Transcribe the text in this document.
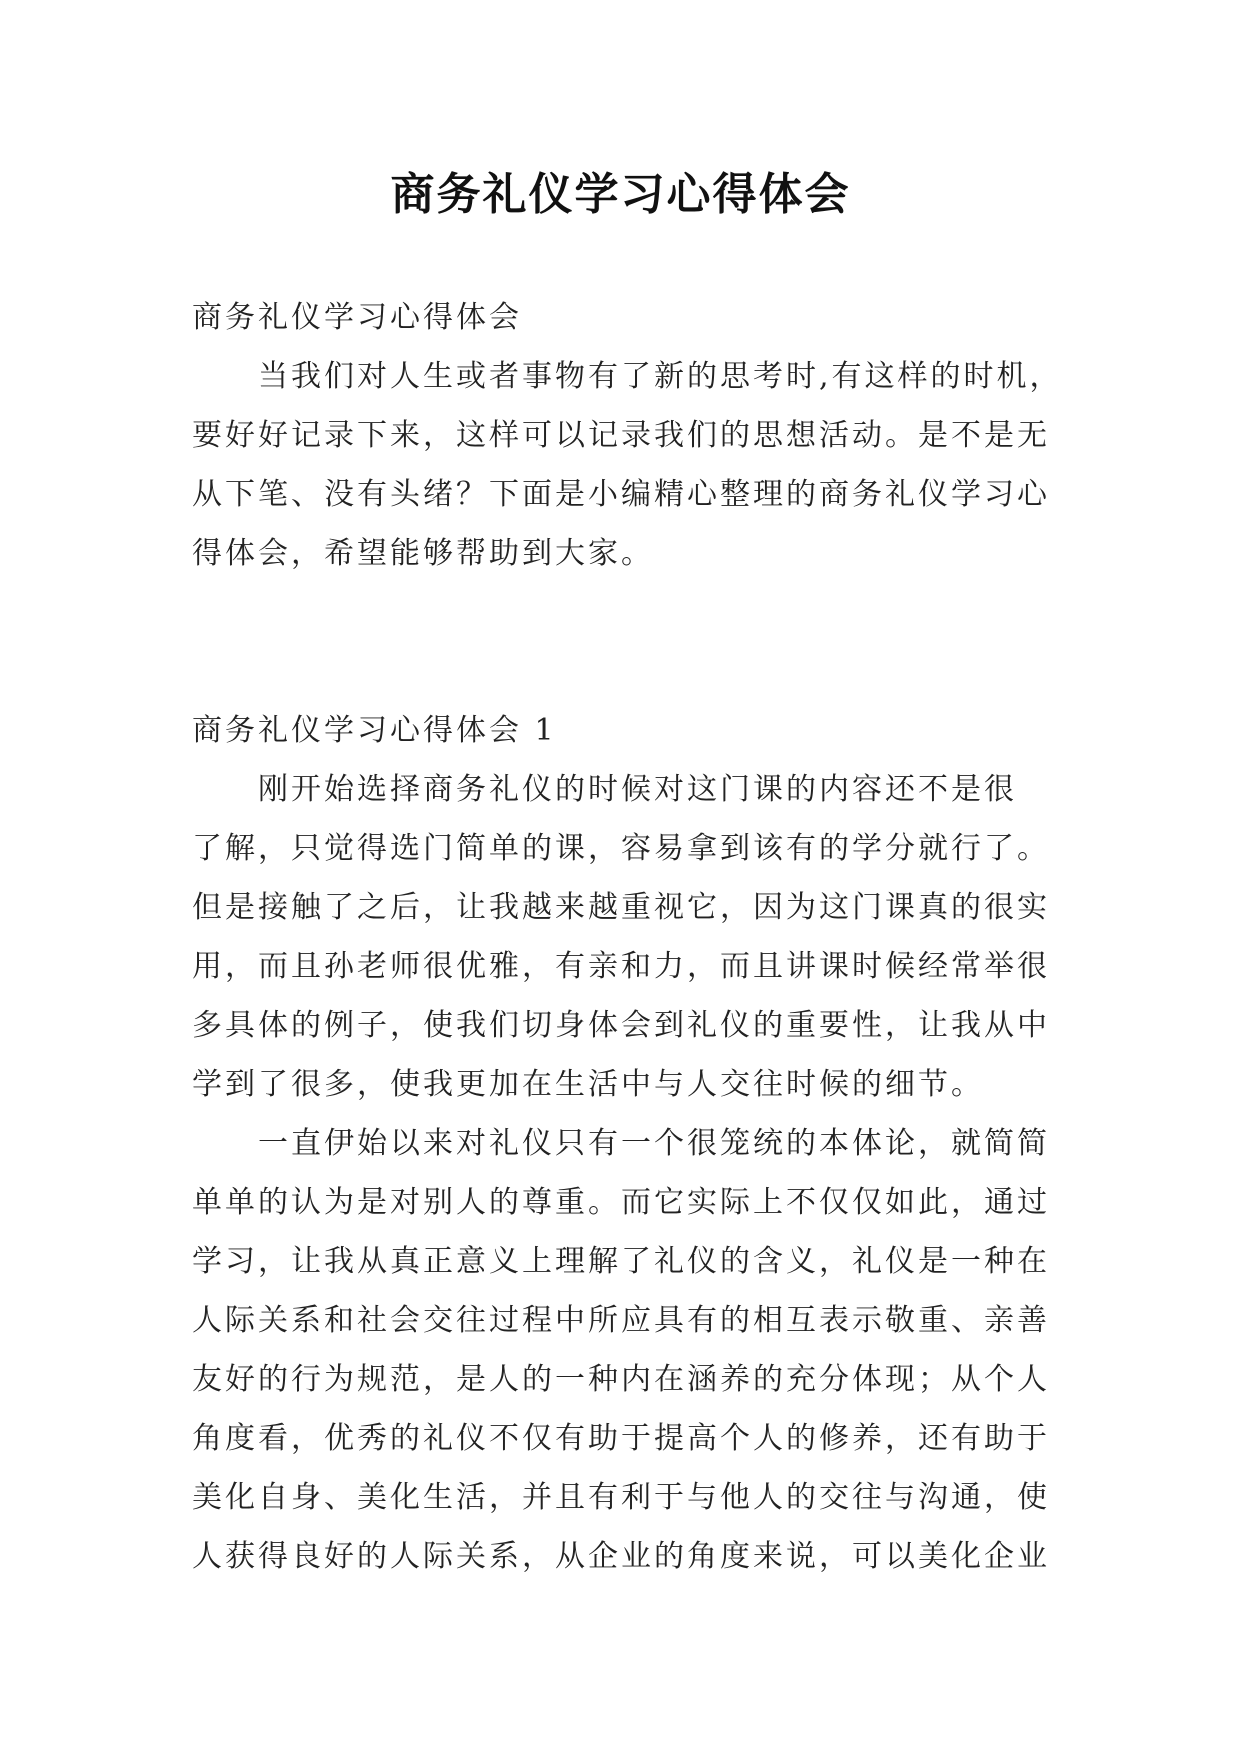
商务礼仪学习心得体会

商务礼仪学习心得体会

当我们对人生或者事物有了新的思考时,有这样的时机，

要好好记录下来，这样可以记录我们的思想活动。是不是无

从下笔、没有头绪？下面是小编精心整理的商务礼仪学习心

得体会，希望能够帮助到大家。

商务礼仪学习心得体会 1

刚开始选择商务礼仪的时候对这门课的内容还不是很

了解，只觉得选门简单的课，容易拿到该有的学分就行了。

但是接触了之后，让我越来越重视它，因为这门课真的很实

用，而且孙老师很优雅，有亲和力，而且讲课时候经常举很

多具体的例子，使我们切身体会到礼仪的重要性，让我从中

学到了很多，使我更加在生活中与人交往时候的细节。

一直伊始以来对礼仪只有一个很笼统的本体论，就简简

单单的认为是对别人的尊重。而它实际上不仅仅如此，通过

学习，让我从真正意义上理解了礼仪的含义，礼仪是一种在

人际关系和社会交往过程中所应具有的相互表示敬重、亲善

友好的行为规范，是人的一种内在涵养的充分体现；从个人

角度看，优秀的礼仪不仅有助于提高个人的修养，还有助于

美化自身、美化生活，并且有利于与他人的交往与沟通，使

人获得良好的人际关系，从企业的角度来说，可以美化企业
